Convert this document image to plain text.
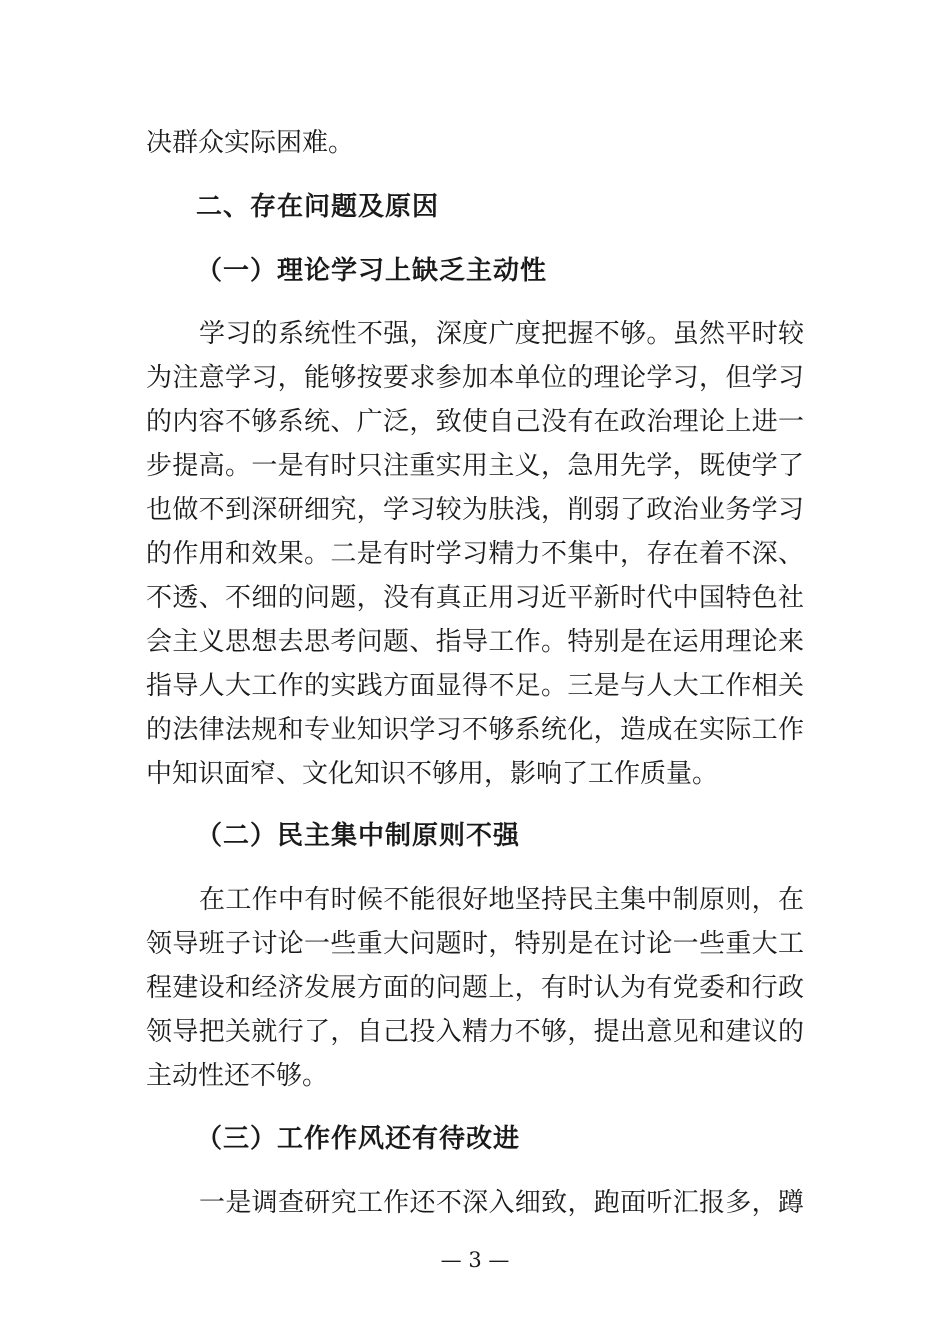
决群众实际困难。
二、存在问题及原因
（一）理论学习上缺乏主动性
学习的系统性不强，深度广度把握不够。虽然平时较
为注意学习，能够按要求参加本单位的理论学习，但学习
的内容不够系统、广泛，致使自己没有在政治理论上进一
步提高。一是有时只注重实用主义，急用先学，既使学了
也做不到深研细究，学习较为肤浅，削弱了政治业务学习
的作用和效果。二是有时学习精力不集中，存在着不深、
不透、不细的问题，没有真正用习近平新时代中国特色社
会主义思想去思考问题、指导工作。特别是在运用理论来
指导人大工作的实践方面显得不足。三是与人大工作相关
的法律法规和专业知识学习不够系统化，造成在实际工作
中知识面窄、文化知识不够用，影响了工作质量。
（二）民主集中制原则不强
在工作中有时候不能很好地坚持民主集中制原则，在
领导班子讨论一些重大问题时，特别是在讨论一些重大工
程建设和经济发展方面的问题上，有时认为有党委和行政
领导把关就行了，自己投入精力不够，提出意见和建议的
主动性还不够。
（三）工作作风还有待改进
一是调查研究工作还不深入细致，跑面听汇报多，蹲
— 3 —
